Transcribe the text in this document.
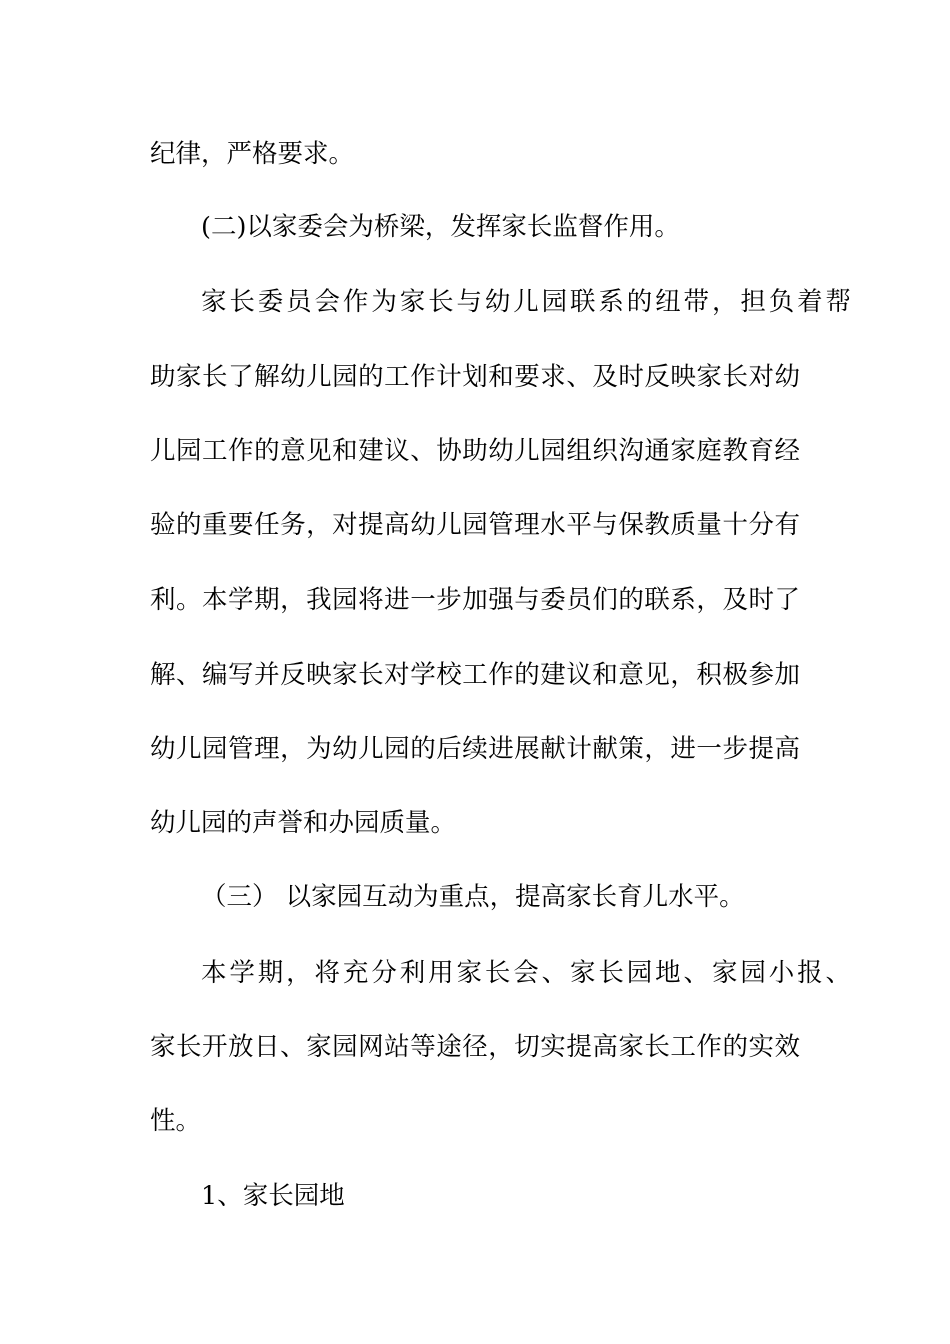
纪律，严格要求。
(二)以家委会为桥梁，发挥家长监督作用。
家长委员会作为家长与幼儿园联系的纽带，担负着帮
助家长了解幼儿园的工作计划和要求、及时反映家长对幼
儿园工作的意见和建议、协助幼儿园组织沟通家庭教育经
验的重要任务，对提高幼儿园管理水平与保教质量十分有
利。本学期，我园将进一步加强与委员们的联系，及时了
解、编写并反映家长对学校工作的建议和意见，积极参加
幼儿园管理，为幼儿园的后续进展献计献策，进一步提高
幼儿园的声誉和办园质量。
（三） 以家园互动为重点，提高家长育儿水平。
本学期，将充分利用家长会、家长园地、家园小报、
家长开放日、家园网站等途径，切实提高家长工作的实效
性。
1、家长园地
